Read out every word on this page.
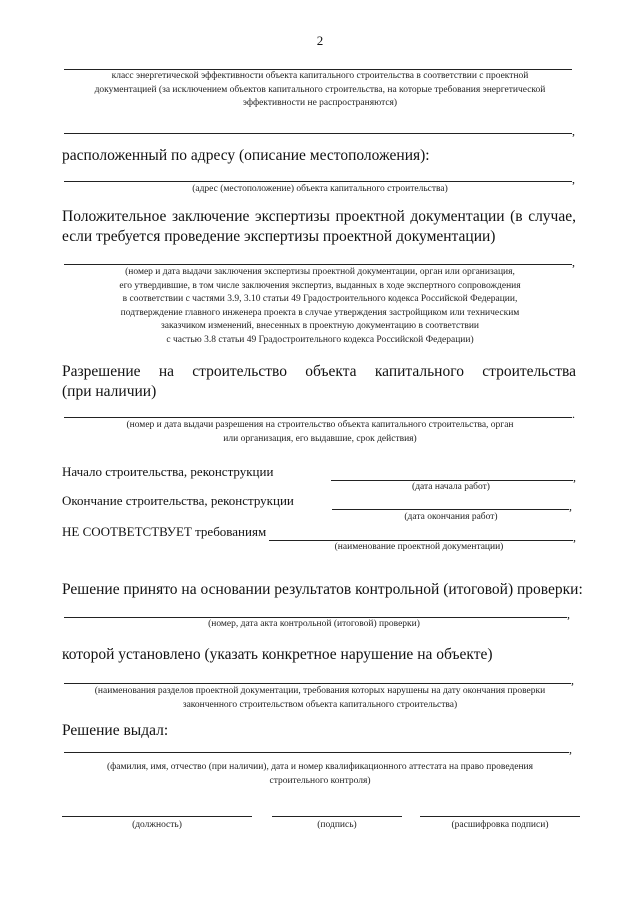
2
класс энергетической эффективности объекта капитального строительства в соответствии с проектной
документацией (за исключением объектов капитального строительства, на которые требования энергетической
эффективности не распространяются)
,
расположенный по адресу (описание местоположения):
,
(адрес (местоположение) объекта капитального строительства)
Положительное заключение экспертизы проектной документации (в случае,
если требуется проведение экспертизы проектной документации)
,
(номер и дата выдачи заключения экспертизы проектной документации, орган или организация,
его утвердившие, в том числе заключения экспертиз, выданных в ходе экспертного сопровождения
в соответствии с частями 3.9, 3.10 статьи 49 Градостроительного кодекса Российской Федерации,
подтверждение главного инженера проекта в случае утверждения застройщиком или техническим
заказчиком изменений, внесенных в проектную документацию в соответствии
с частью 3.8 статьи 49 Градостроительного кодекса Российской Федерации)
Разрешение на строительство объекта капитального строительства
(при наличии)
.
(номер и дата выдачи разрешения на строительство объекта капитального строительства, орган
или организация, его выдавшие, срок действия)
Начало строительства, реконструкции	,
(дата начала работ)
Окончание строительства, реконструкции	,
(дата окончания работ)
НЕ СООТВЕТСТВУЕТ требованиям	,
(наименование проектной документации)
Решение принято на основании результатов контрольной (итоговой) проверки:
,
(номер, дата акта контрольной (итоговой) проверки)
которой установлено (указать конкретное нарушение на объекте)
,
(наименования разделов проектной документации, требования которых нарушены на дату окончания проверки
законченного строительством объекта капитального строительства)
Решение выдал:
,
(фамилия, имя, отчество (при наличии), дата и номер квалификационного аттестата на право проведения
строительного контроля)
(должность)	(подпись)	(расшифровка подписи)
